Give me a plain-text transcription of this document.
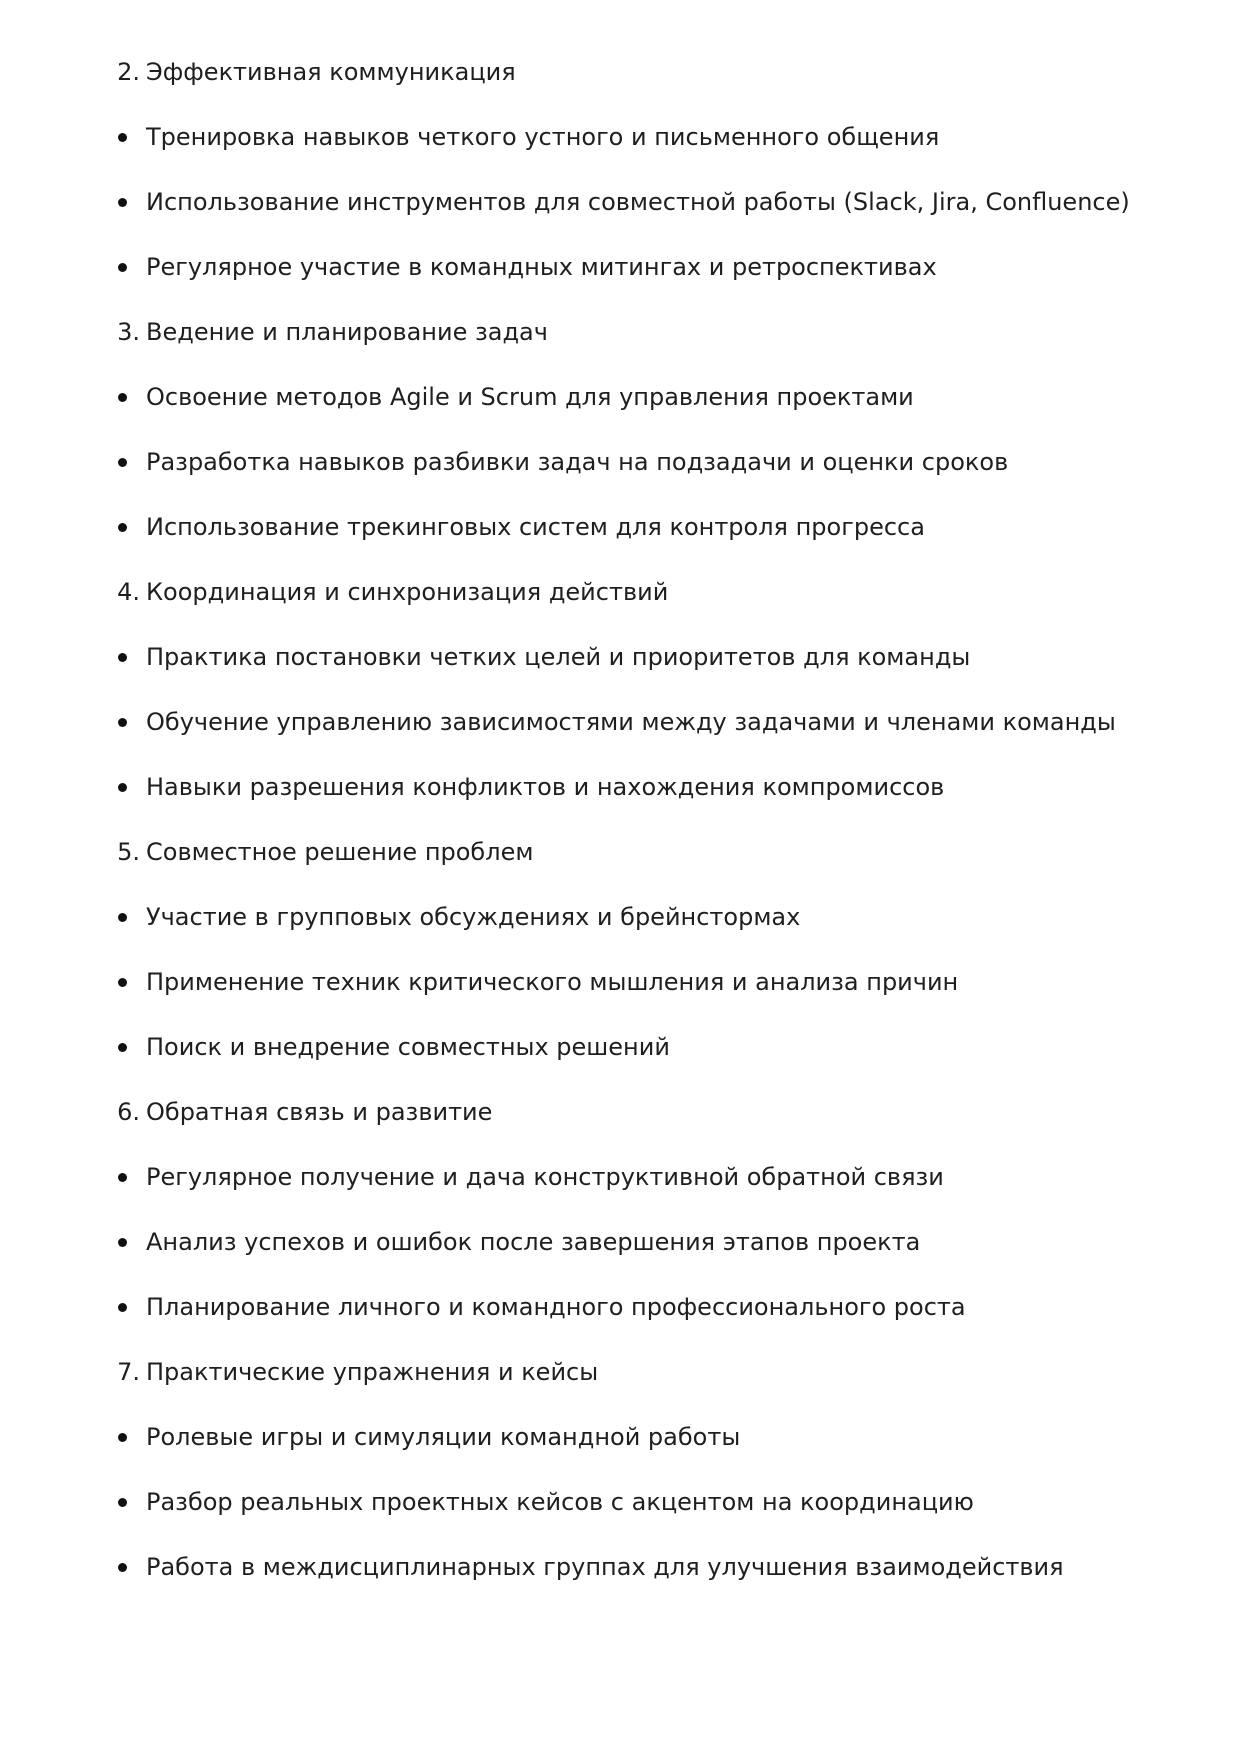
2. Эффективная коммуникация
Тренировка навыков четкого устного и письменного общения
Использование инструментов для совместной работы (Slack, Jira, Confluence)
Регулярное участие в командных митингах и ретроспективах
3. Ведение и планирование задач
Освоение методов Agile и Scrum для управления проектами
Разработка навыков разбивки задач на подзадачи и оценки сроков
Использование трекинговых систем для контроля прогресса
4. Координация и синхронизация действий
Практика постановки четких целей и приоритетов для команды
Обучение управлению зависимостями между задачами и членами команды
Навыки разрешения конфликтов и нахождения компромиссов
5. Совместное решение проблем
Участие в групповых обсуждениях и брейнстормах
Применение техник критического мышления и анализа причин
Поиск и внедрение совместных решений
6. Обратная связь и развитие
Регулярное получение и дача конструктивной обратной связи
Анализ успехов и ошибок после завершения этапов проекта
Планирование личного и командного профессионального роста
7. Практические упражнения и кейсы
Ролевые игры и симуляции командной работы
Разбор реальных проектных кейсов с акцентом на координацию
Работа в междисциплинарных группах для улучшения взаимодействия
